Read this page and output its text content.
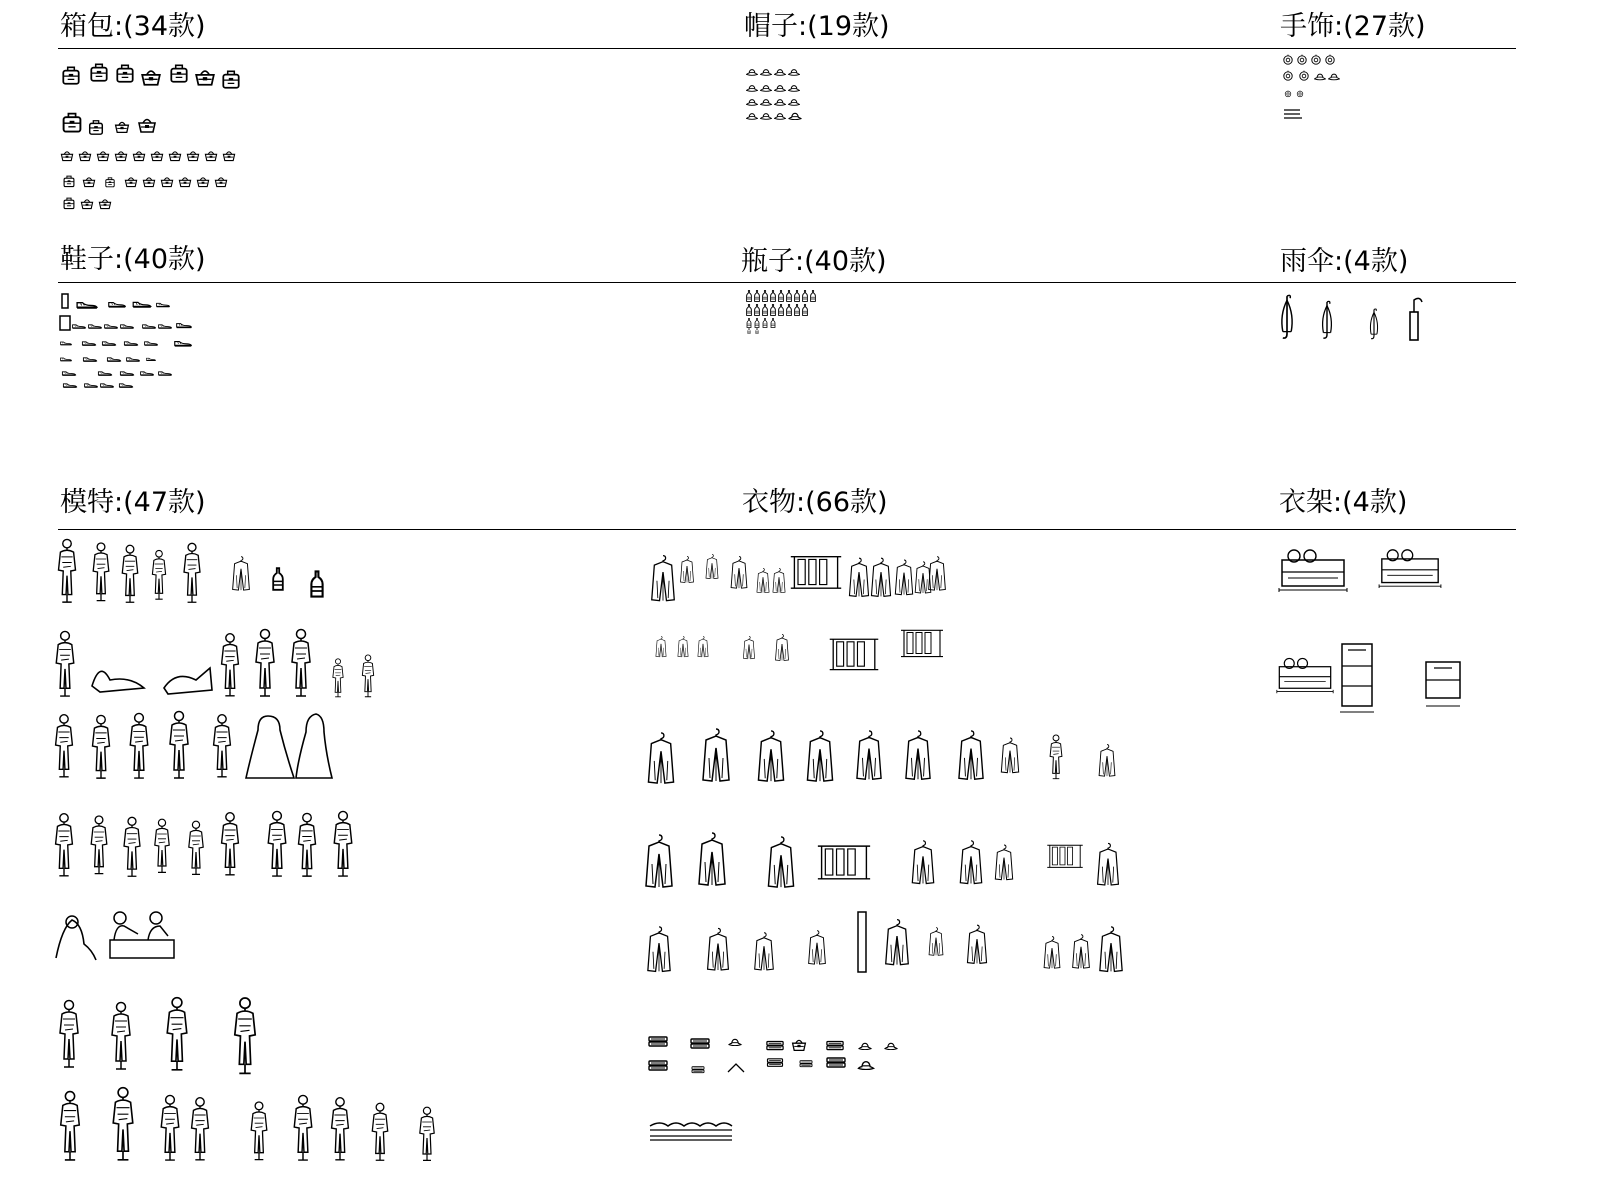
箱包:(34款)	帽子:(19款)	手饰:(27款)
鞋子:(40款)	瓶子:(40款)	雨伞:(4款)
模特:(47款)	衣物:(66款)	衣架:(4款)
